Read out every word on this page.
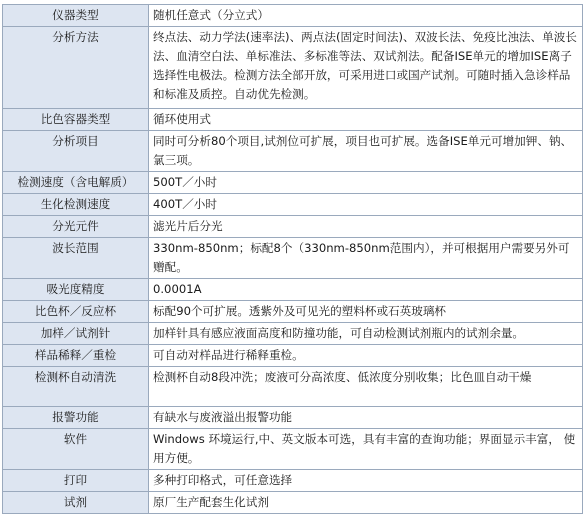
仪器类型	随机任意式（分立式）
分析方法	终点法、动力学法(速率法)、两点法(固定时间法)、双波长法、免疫比浊法、单波长法、血清空白法、单标准法、多标准等法、双试剂法。配备ISE单元的增加ISE离子选择性电极法。检测方法全部开放，可采用进口或国产试剂。可随时插入急诊样品和标准及质控。自动优先检测。
比色容器类型	循环使用式
分析项目	同时可分析80个项目,试剂位可扩展，项目也可扩展。选备ISE单元可增加钾、钠、氯三项。
检测速度（含电解质）	500T／小时
生化检测速度	400T／小时
分光元件	滤光片后分光
波长范围	330nm-850nm；标配8个（330nm-850nm范围内），并可根据用户需要另外可赠配。
吸光度精度	0.0001A
比色杯／反应杯	标配90个可扩展。透紫外及可见光的塑料杯或石英玻璃杯
加样／试剂针	加样针具有感应液面高度和防撞功能，可自动检测试剂瓶内的试剂余量。
样品稀释／重检	可自动对样品进行稀释重检。
检测杯自动清洗	检测杯自动8段冲洗；废液可分高浓度、低浓度分别收集；比色皿自动干燥
报警功能	有缺水与废液溢出报警功能
软件	Windows 环境运行,中、英文版本可选，具有丰富的查询功能；界面显示丰富， 使用方便。
打印	多种打印格式，可任意选择
试剂	原厂生产配套生化试剂
